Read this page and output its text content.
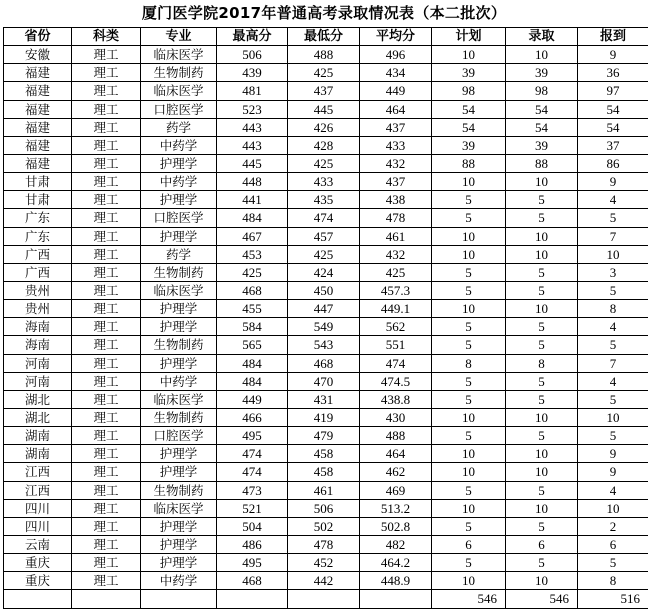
厦门医学院2017年普通高考录取情况表（本二批次）
省份	科类	专业	最高分	最低分	平均分	计划	录取	报到
安徽	理工	临床医学	506	488	496	10	10	9
福建	理工	生物制药	439	425	434	39	39	36
福建	理工	临床医学	481	437	449	98	98	97
福建	理工	口腔医学	523	445	464	54	54	54
福建	理工	药学	443	426	437	54	54	54
福建	理工	中药学	443	428	433	39	39	37
福建	理工	护理学	445	425	432	88	88	86
甘肃	理工	中药学	448	433	437	10	10	9
甘肃	理工	护理学	441	435	438	5	5	4
广东	理工	口腔医学	484	474	478	5	5	5
广东	理工	护理学	467	457	461	10	10	7
广西	理工	药学	453	425	432	10	10	10
广西	理工	生物制药	425	424	425	5	5	3
贵州	理工	临床医学	468	450	457.3	5	5	5
贵州	理工	护理学	455	447	449.1	10	10	8
海南	理工	护理学	584	549	562	5	5	4
海南	理工	生物制药	565	543	551	5	5	5
河南	理工	护理学	484	468	474	8	8	7
河南	理工	中药学	484	470	474.5	5	5	4
湖北	理工	临床医学	449	431	438.8	5	5	5
湖北	理工	生物制药	466	419	430	10	10	10
湖南	理工	口腔医学	495	479	488	5	5	5
湖南	理工	护理学	474	458	464	10	10	9
江西	理工	护理学	474	458	462	10	10	9
江西	理工	生物制药	473	461	469	5	5	4
四川	理工	临床医学	521	506	513.2	10	10	10
四川	理工	护理学	504	502	502.8	5	5	2
云南	理工	护理学	486	478	482	6	6	6
重庆	理工	护理学	495	452	464.2	5	5	5
重庆	理工	中药学	468	442	448.9	10	10	8
						546	546	516
